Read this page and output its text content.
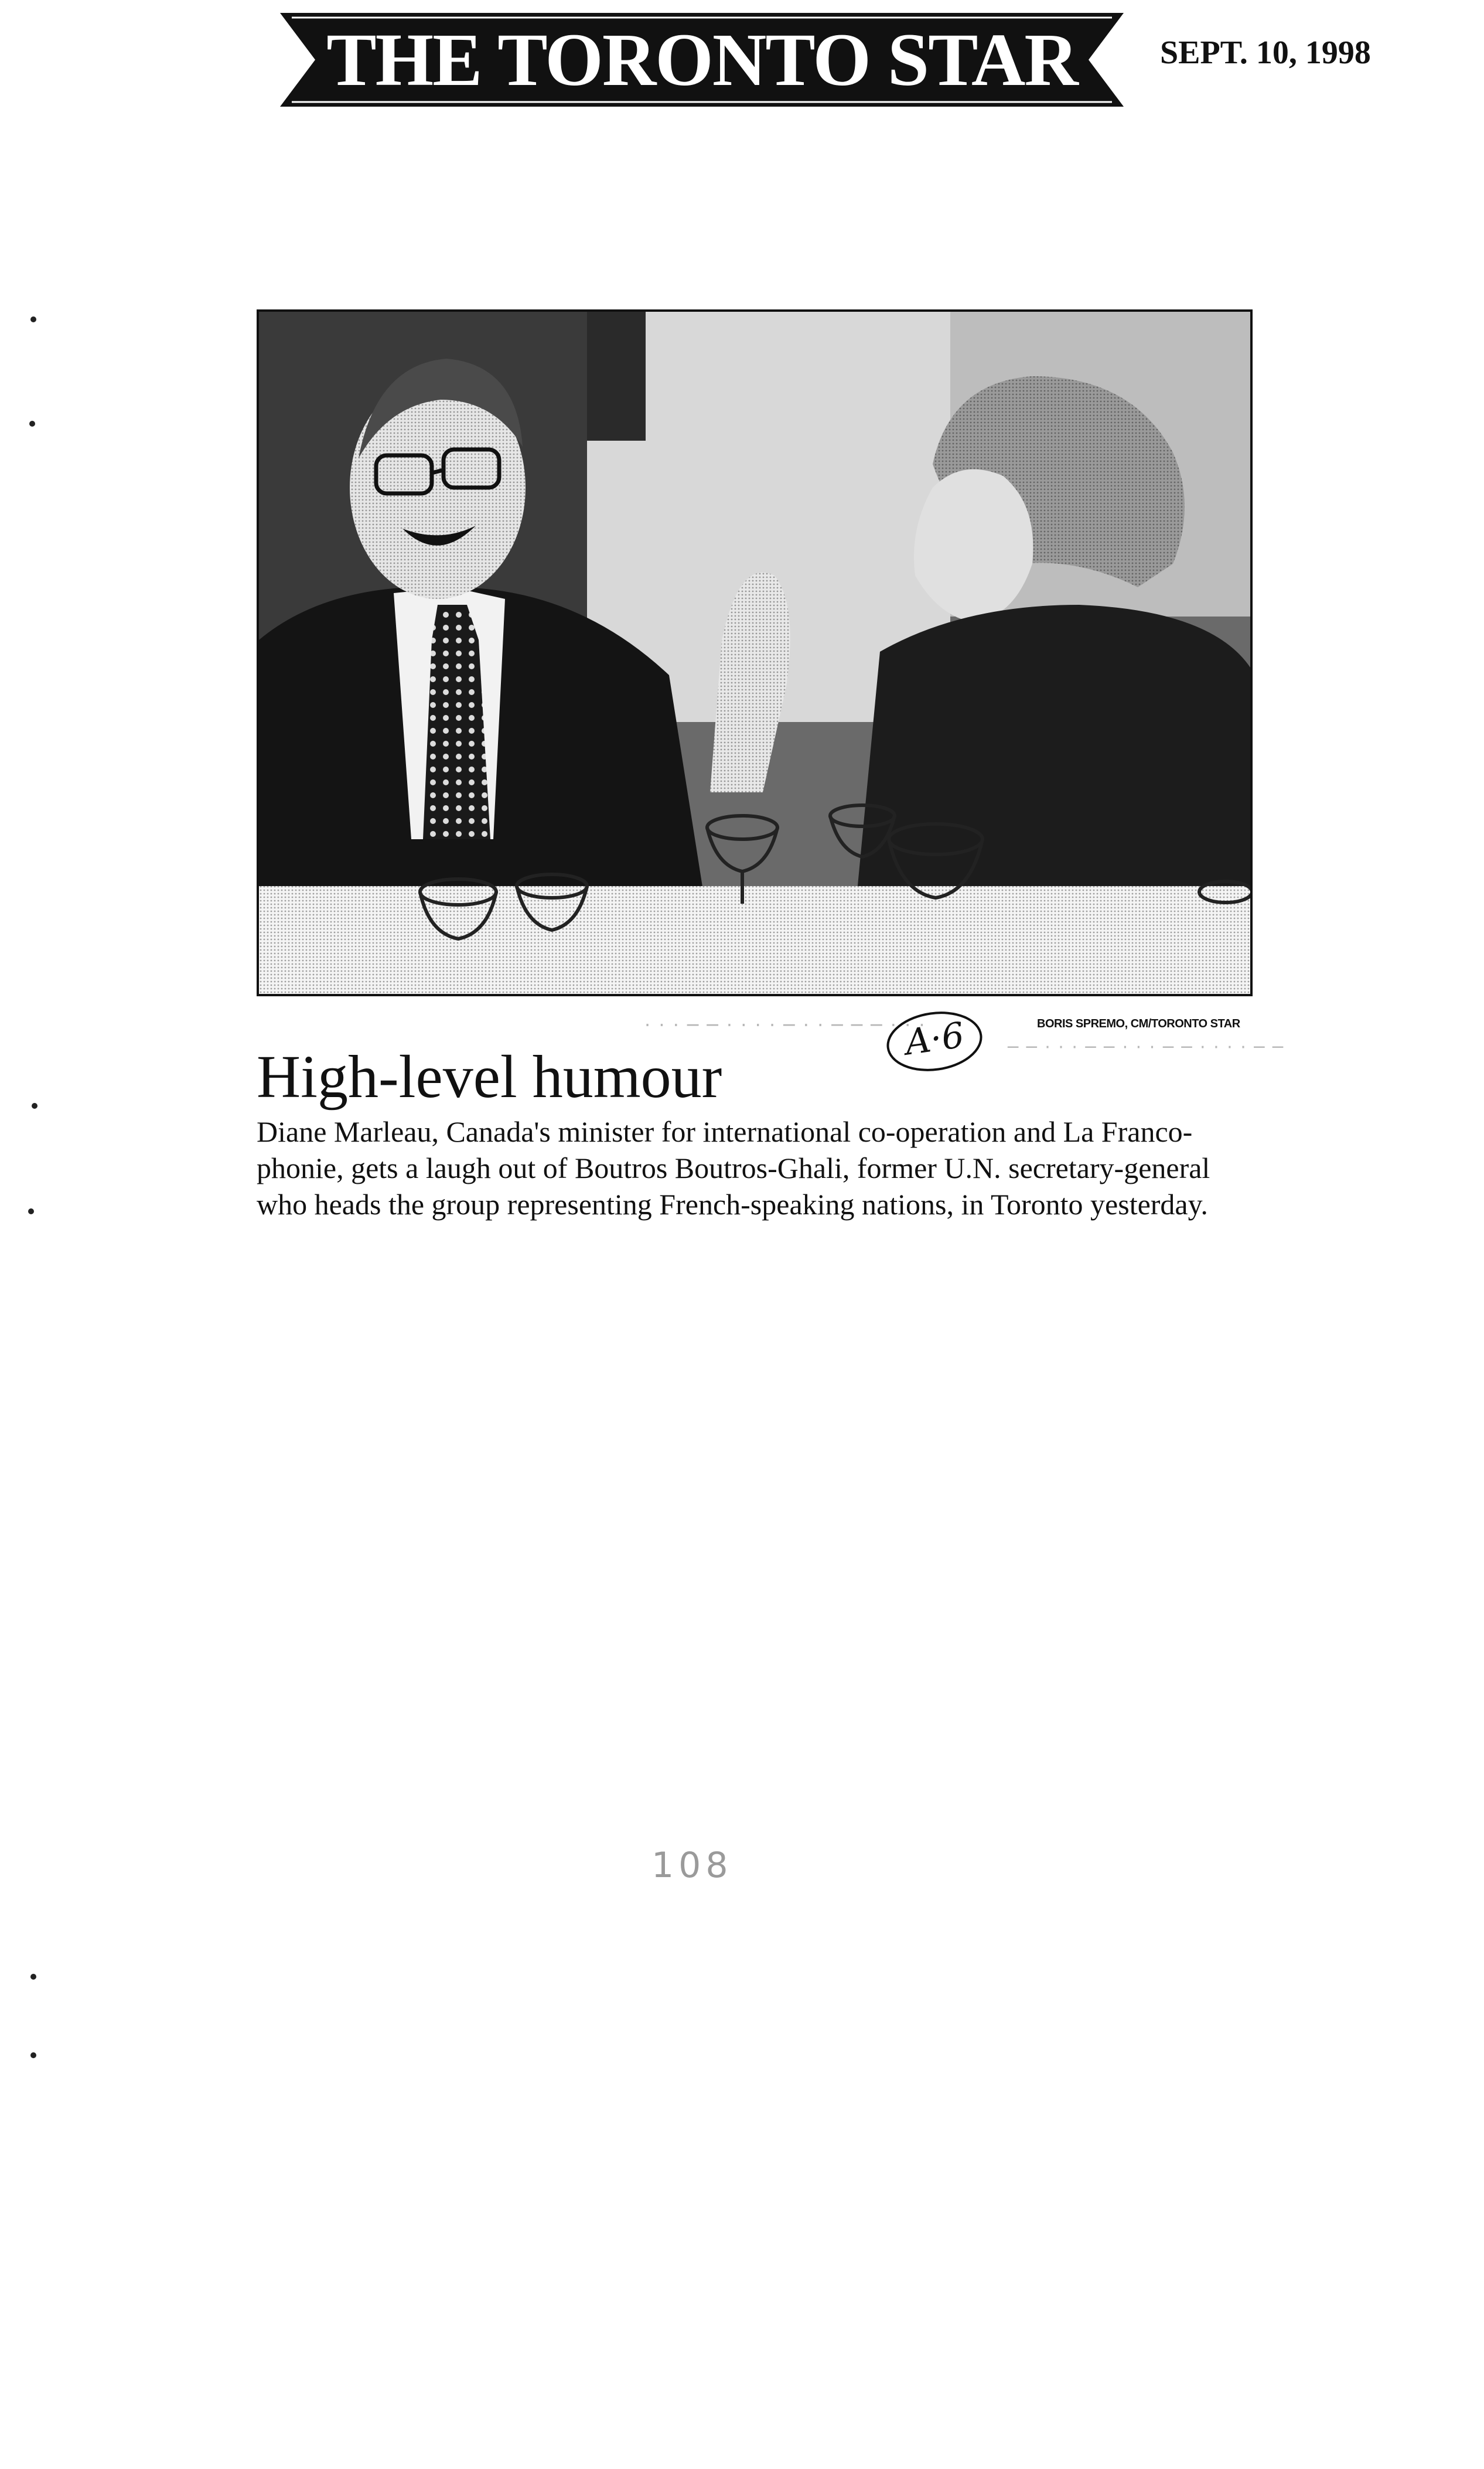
THE TORONTO STAR	SEPT. 10, 1998
BORIS SPREMO, CM/TORONTO STAR
A·6
· · · ─ ─ · · · · ─ · · ─ ─ ─ · · ·
─ ─ · · · ─ ─ · · · ─ ─ · · · · ─ ─
High-level humour
Diane Marleau, Canada's minister for international co-operation and La Franco-
phonie, gets a laugh out of Boutros Boutros-Ghali, former U.N. secretary-general
who heads the group representing French-speaking nations, in Toronto yesterday.
108
